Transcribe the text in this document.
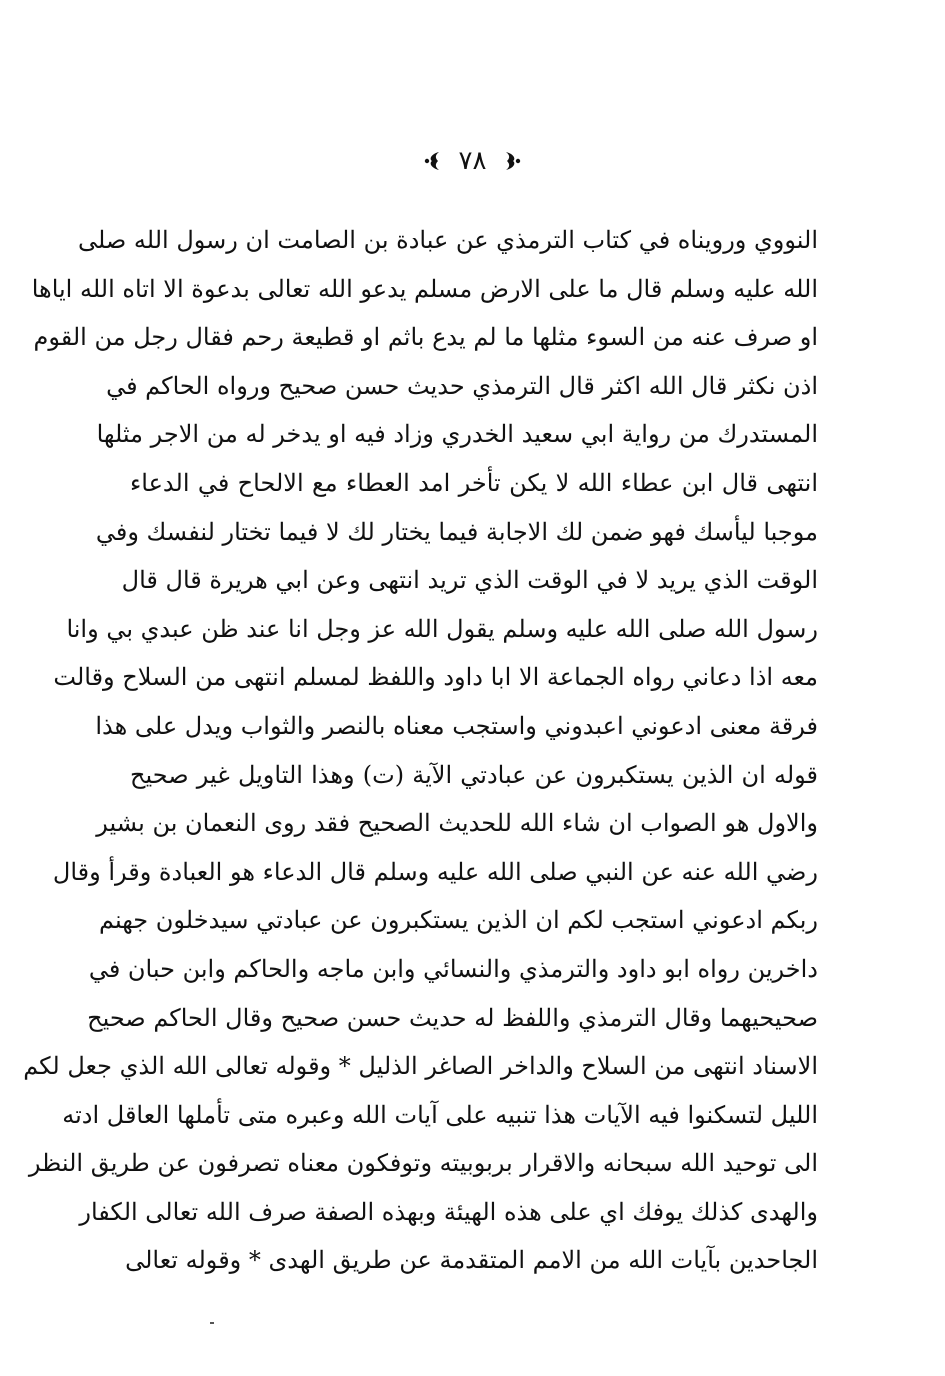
٧٨
النووي ورويناه في كتاب الترمذي عن عبادة بن الصامت ان رسول الله صلى
الله عليه وسلم قال ما على الارض مسلم يدعو الله تعالى بدعوة الا اتاه الله اياها
او صرف عنه من السوء مثلها ما لم يدع باثم او قطيعة رحم فقال رجل من القوم
اذن نكثر قال الله اكثر قال الترمذي حديث حسن صحيح ورواه الحاكم في
المستدرك من رواية ابي سعيد الخدري وزاد فيه او يدخر له من الاجر مثلها
انتهى قال ابن عطاء الله لا يكن تأخر امد العطاء مع الالحاح في الدعاء
موجبا ليأسك فهو ضمن لك الاجابة فيما يختار لك لا فيما تختار لنفسك وفي
الوقت الذي يريد لا في الوقت الذي تريد انتهى وعن ابي هريرة قال قال
رسول الله صلى الله عليه وسلم يقول الله عز وجل انا عند ظن عبدي بي وانا
معه اذا دعاني رواه الجماعة الا ابا داود واللفظ لمسلم انتهى من السلاح وقالت
فرقة معنى ادعوني اعبدوني واستجب معناه بالنصر والثواب ويدل على هذا
قوله ان الذين يستكبرون عن عبادتي الآية (ت) وهذا التاويل غير صحيح
والاول هو الصواب ان شاء الله للحديث الصحيح فقد روى النعمان بن بشير
رضي الله عنه عن النبي صلى الله عليه وسلم قال الدعاء هو العبادة وقرأ وقال
ربكم ادعوني استجب لكم ان الذين يستكبرون عن عبادتي سيدخلون جهنم
داخرين رواه ابو داود والترمذي والنسائي وابن ماجه والحاكم وابن حبان في
صحيحيهما وقال الترمذي واللفظ له حديث حسن صحيح وقال الحاكم صحيح
الاسناد انتهى من السلاح والداخر الصاغر الذليل * وقوله تعالى الله الذي جعل لكم
الليل لتسكنوا فيه الآيات هذا تنبيه على آيات الله وعبره متى تأملها العاقل ادته
الى توحيد الله سبحانه والاقرار بربوبيته وتوفكون معناه تصرفون عن طريق النظر
والهدى كذلك يوفك اي على هذه الهيئة وبهذه الصفة صرف الله تعالى الكفار
الجاحدين بآيات الله من الامم المتقدمة عن طريق الهدى * وقوله تعالى
